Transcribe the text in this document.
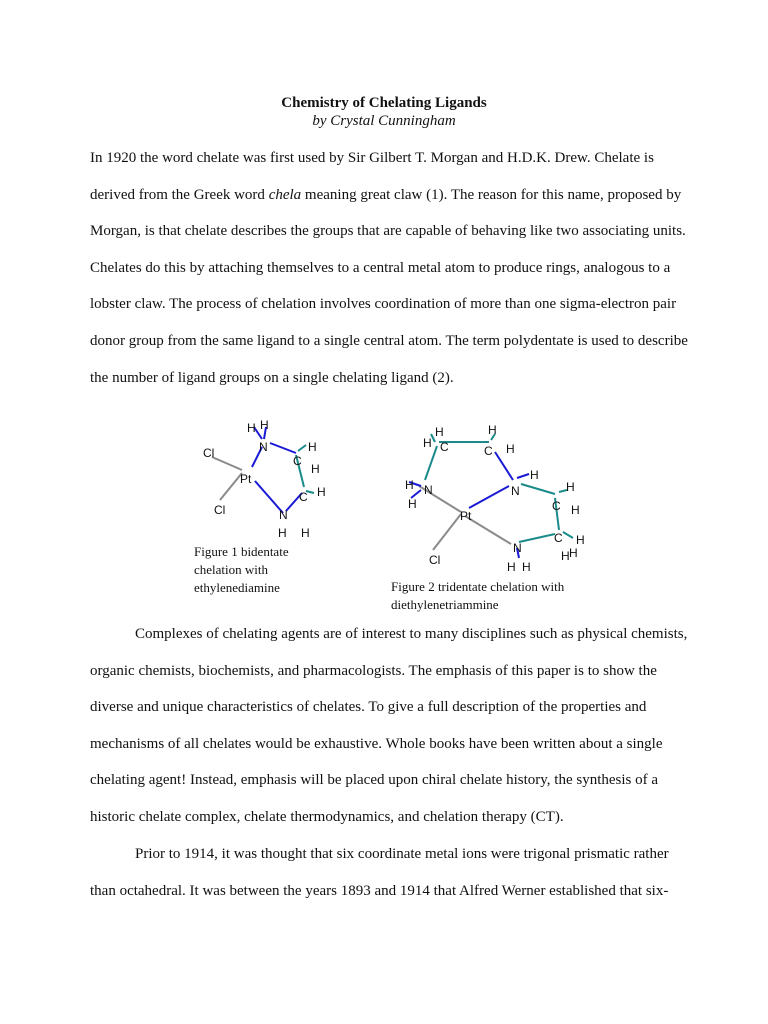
Chemistry of Chelating Ligands
by Crystal Cunningham

In 1920 the word chelate was first used by Sir Gilbert T. Morgan and H.D.K. Drew. Chelate is derived from the Greek word chela meaning great claw (1). The reason for this name, proposed by Morgan, is that chelate describes the groups that are capable of behaving like two associating units. Chelates do this by attaching themselves to a central metal atom to produce rings, analogous to a lobster claw. The process of chelation involves coordination of more than one sigma-electron pair donor group from the same ligand to a single central atom. The term polydentate is used to describe the number of ligand groups on a single chelating ligand (2).

H H
N
Cl
C
H
H
Pt
C H
Cl	N
H H
Figure 1 bidentate chelation with ethylenediamine
H	H
H C	C H
H
N	N
H	H
H	H
C
Pt
H
N
C H
H
Cl	H
H
Figure 2 tridentate chelation with diethylenetriammine

Complexes of chelating agents are of interest to many disciplines such as physical chemists, organic chemists, biochemists, and pharmacologists. The emphasis of this paper is to show the diverse and unique characteristics of chelates. To give a full description of the properties and mechanisms of all chelates would be exhaustive. Whole books have been written about a single chelating agent! Instead, emphasis will be placed upon chiral chelate history, the synthesis of a historic chelate complex, chelate thermodynamics, and chelation therapy (CT).

Prior to 1914, it was thought that six coordinate metal ions were trigonal prismatic rather than octahedral. It was between the years 1893 and 1914 that Alfred Werner established that six-
